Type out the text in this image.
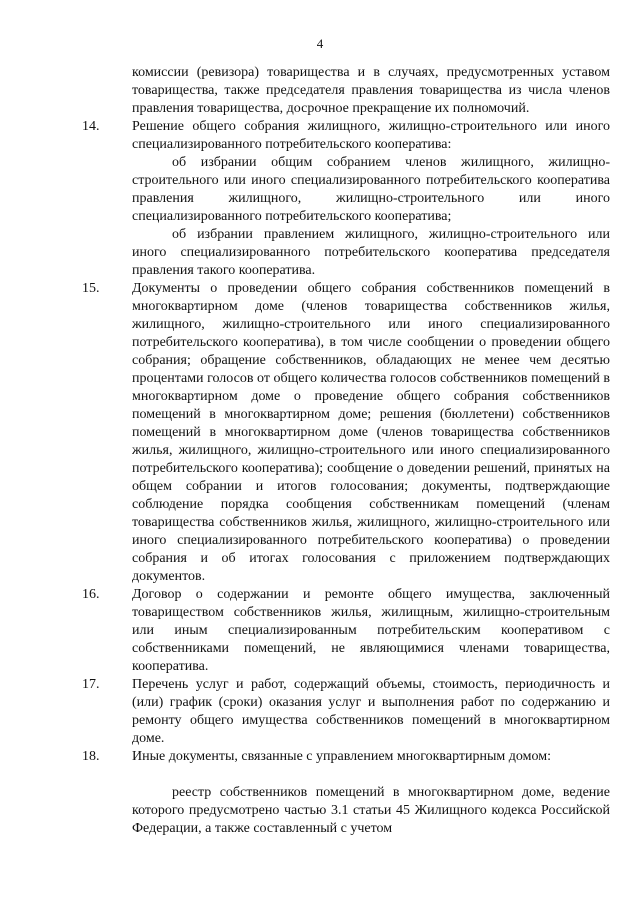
4

комиссии (ревизора) товарищества и в случаях, предусмотренных уставом товарищества, также председателя правления товарищества из числа членов правления товарищества, досрочное прекращение их полномочий.

14.	Решение общего собрания жилищного, жилищно-строительного или иного специализированного потребительского кооператива:

об избрании общим собранием членов жилищного, жилищно-строительного или иного специализированного потребительского кооператива правления жилищного, жилищно-строительного или иного специализированного потребительского кооператива;

об избрании правлением жилищного, жилищно-строительного или иного специализированного потребительского кооператива председателя правления такого кооператива.

15.	Документы о проведении общего собрания собственников помещений в многоквартирном доме (членов товарищества собственников жилья, жилищного, жилищно-строительного или иного специализированного потребительского кооператива), в том числе сообщении о проведении общего собрания; обращение собственников, обладающих не менее чем десятью процентами голосов от общего количества голосов собственников помещений в многоквартирном доме о проведение общего собрания собственников помещений в многоквартирном доме; решения (бюллетени) собственников помещений в многоквартирном доме (членов товарищества собственников жилья, жилищного, жилищно-строительного или иного специализированного потребительского кооператива); сообщение о доведении решений, принятых на общем собрании и итогов голосования; документы, подтверждающие соблюдение порядка сообщения собственникам помещений (членам товарищества собственников жилья, жилищного, жилищно-строительного или иного специализированного потребительского кооператива) о проведении собрания и об итогах голосования с приложением подтверждающих документов.
16.	Договор о содержании и ремонте общего имущества, заключенный товариществом собственников жилья, жилищным, жилищно-строительным или иным специализированным потребительским кооперативом с собственниками помещений, не являющимися членами товарищества, кооператива.
17.	Перечень услуг и работ, содержащий объемы, стоимость, периодичность и (или) график (сроки) оказания услуг и выполнения работ по содержанию и ремонту общего имущества собственников помещений в многоквартирном доме.
18.	Иные документы, связанные с управлением многоквартирным домом:

реестр собственников помещений в многоквартирном доме, ведение которого предусмотрено частью 3.1 статьи 45 Жилищного кодекса Российской Федерации, а также составленный с учетом
